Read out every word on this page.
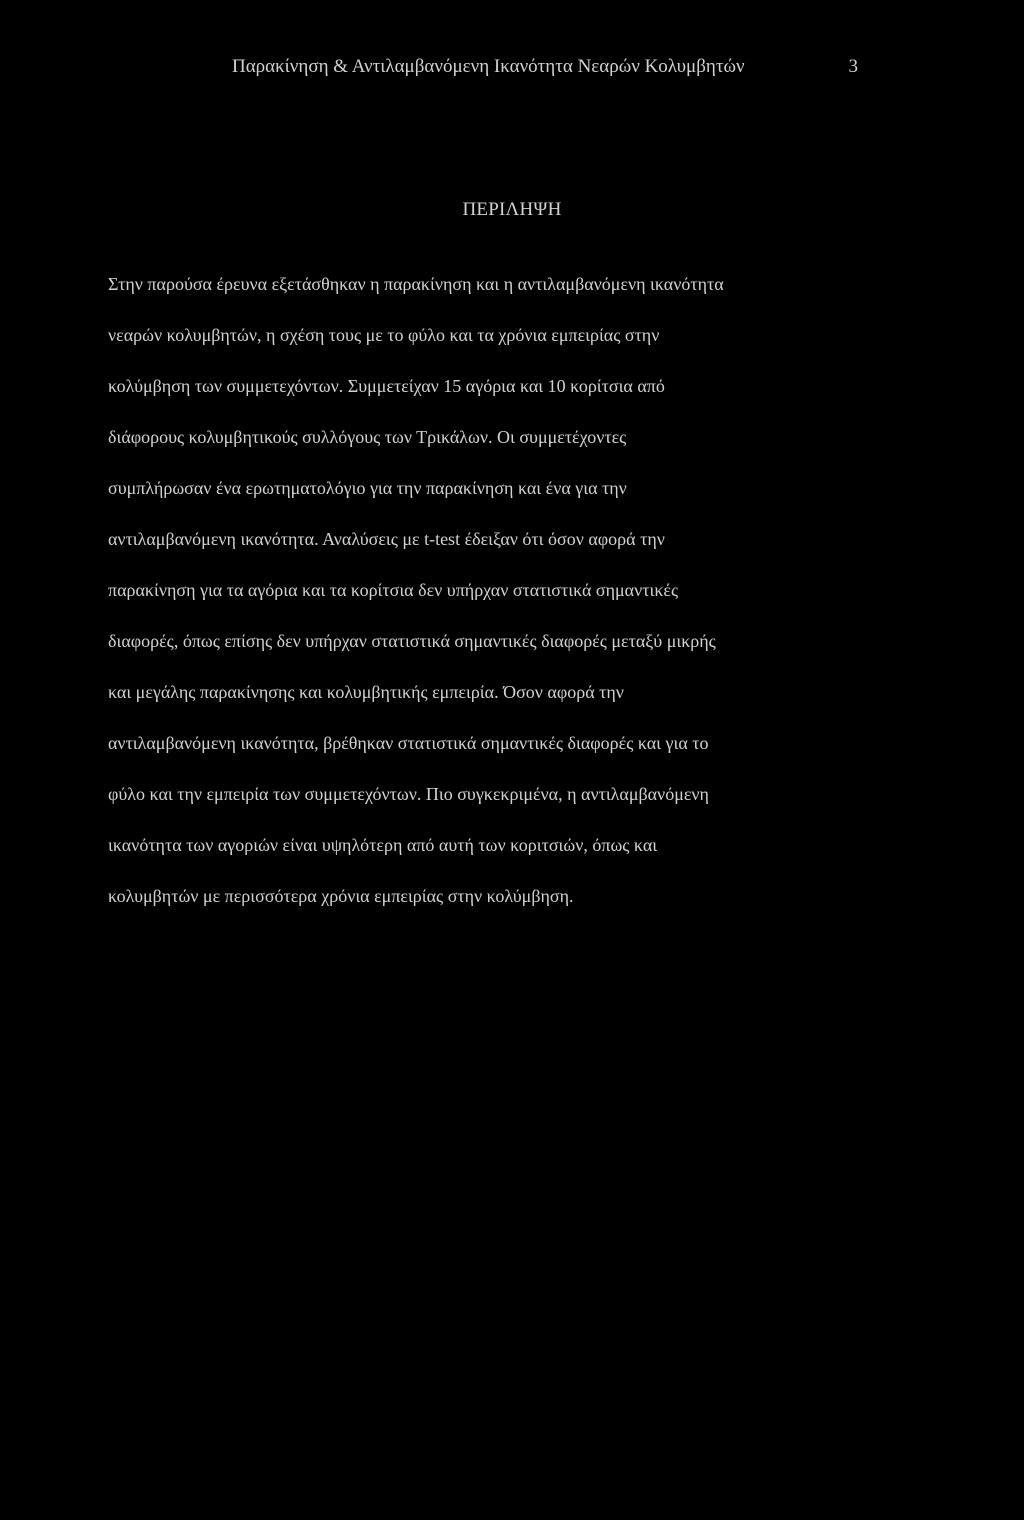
Παρακίνηση & Αντιλαμβανόμενη Ικανότητα Νεαρών Κολυμβητών	3
ΠΕΡΙΛΗΨΗ
Στην παρούσα έρευνα εξετάσθηκαν η παρακίνηση και η αντιλαμβανόμενη ικανότητα
νεαρών κολυμβητών, η σχέση τους με το φύλο και τα χρόνια εμπειρίας στην
κολύμβηση των συμμετεχόντων. Συμμετείχαν 15 αγόρια και 10 κορίτσια από
διάφορους κολυμβητικούς συλλόγους των Τρικάλων. Οι συμμετέχοντες
συμπλήρωσαν ένα ερωτηματολόγιο για την παρακίνηση και ένα για την
αντιλαμβανόμενη ικανότητα. Αναλύσεις με t-test έδειξαν ότι όσον αφορά την
παρακίνηση για τα αγόρια και τα κορίτσια δεν υπήρχαν στατιστικά σημαντικές
διαφορές, όπως επίσης δεν υπήρχαν στατιστικά σημαντικές διαφορές μεταξύ μικρής
και μεγάλης παρακίνησης και κολυμβητικής εμπειρία. Όσον αφορά την
αντιλαμβανόμενη ικανότητα, βρέθηκαν στατιστικά σημαντικές διαφορές και για το
φύλο και την εμπειρία των συμμετεχόντων. Πιο συγκεκριμένα, η αντιλαμβανόμενη
ικανότητα των αγοριών είναι υψηλότερη από αυτή των κοριτσιών, όπως και
κολυμβητών με περισσότερα χρόνια εμπειρίας στην κολύμβηση.
